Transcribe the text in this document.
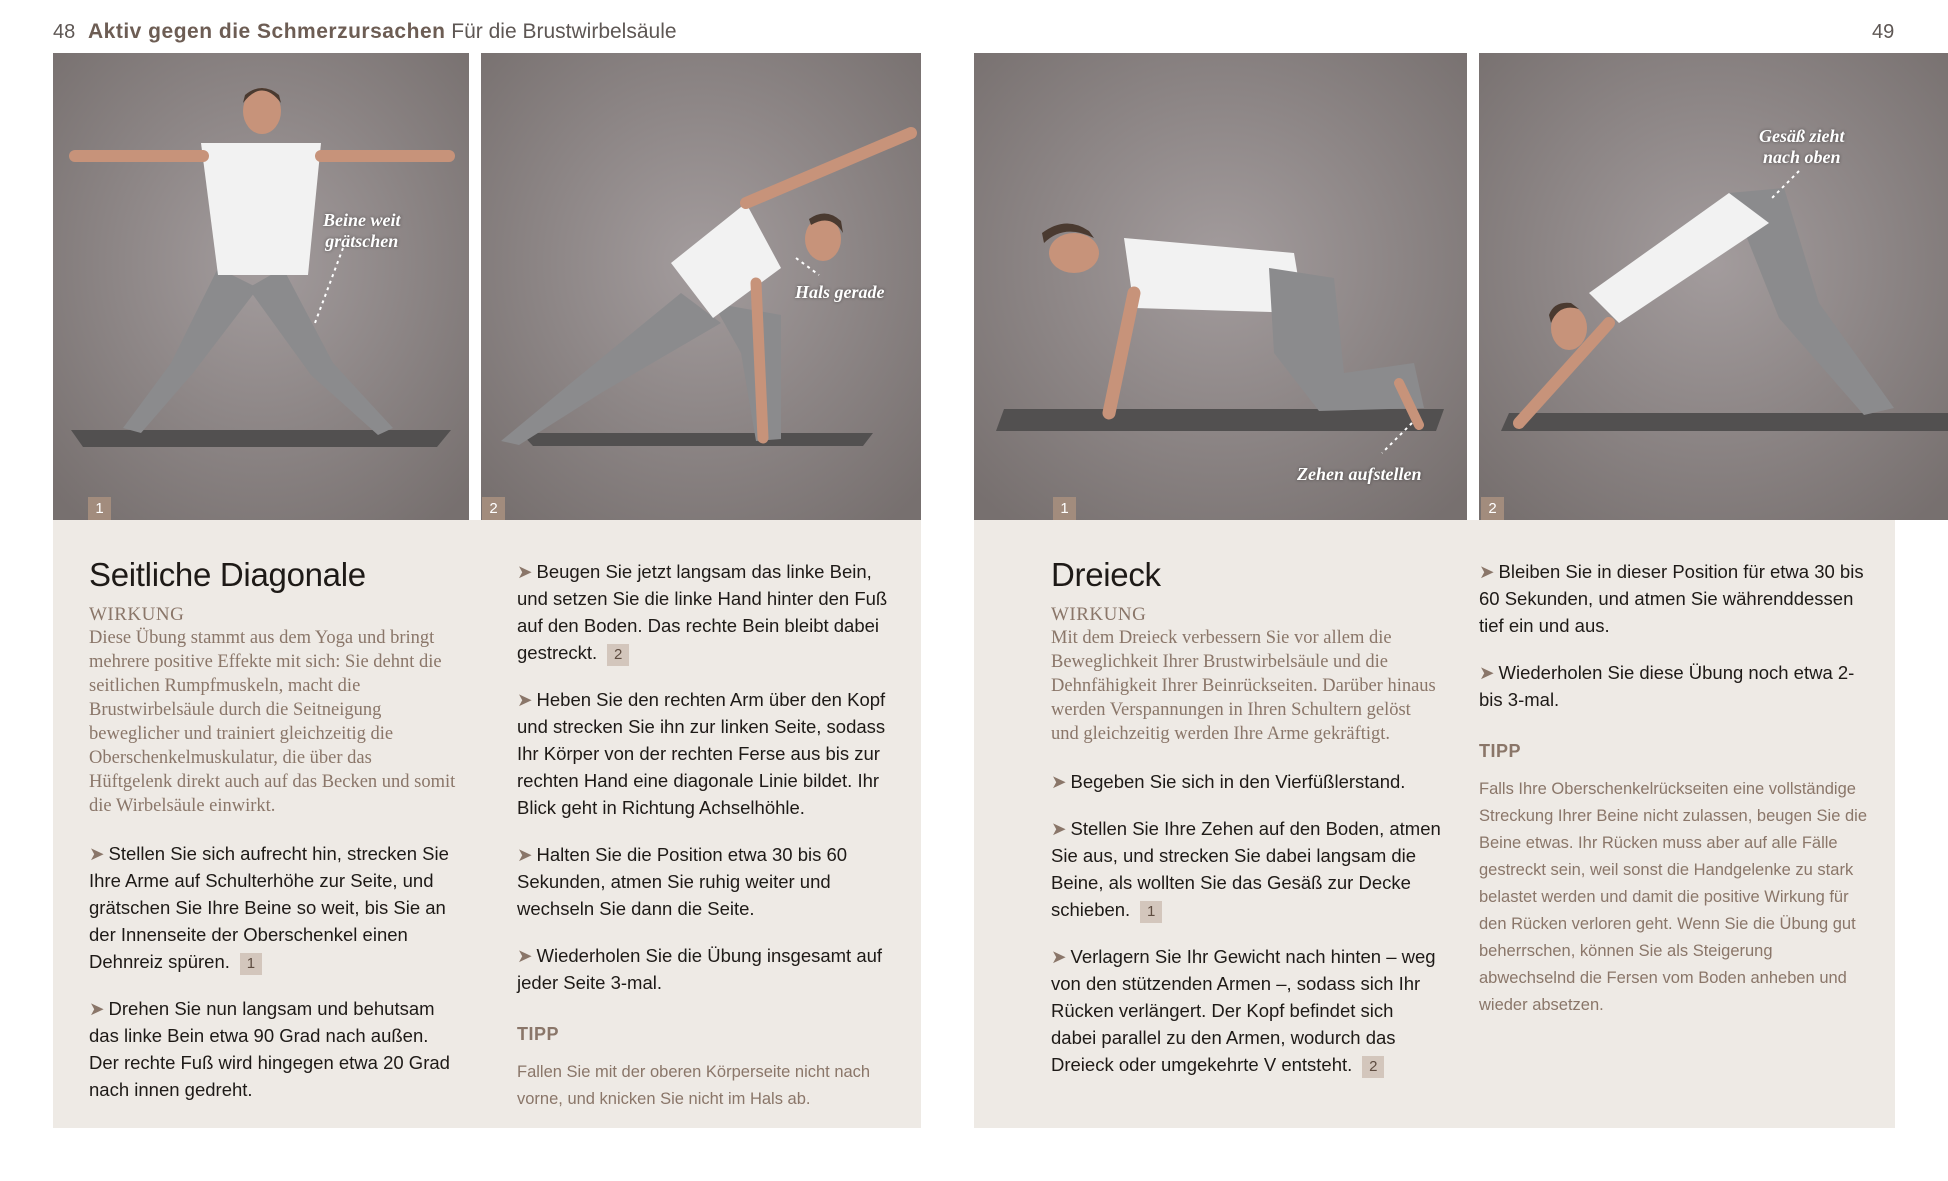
48 Aktiv gegen die Schmerzursachen Für die Brustwirbelsäule	49
Beine weit
grätschen
1
Hals gerade
2
Zehen aufstellen
1
Gesäß zieht
nach oben
2
Seitliche Diagonale
WIRKUNG
Diese Übung stammt aus dem Yoga und bringt mehrere positive Effekte mit sich: Sie dehnt die seitlichen Rumpfmuskeln, macht die Brustwirbelsäule durch die Seitneigung beweglicher und trainiert gleichzeitig die Oberschenkelmuskulatur, die über das Hüftgelenk direkt auch auf das Becken und somit die Wirbelsäule einwirkt.

➤ Stellen Sie sich aufrecht hin, strecken Sie Ihre Arme auf Schulterhöhe zur Seite, und grätschen Sie Ihre Beine so weit, bis Sie an der Innenseite der Oberschenkel einen Dehnreiz spüren. 1

➤ Drehen Sie nun langsam und behutsam das linke Bein etwa 90 Grad nach außen. Der rechte Fuß wird hingegen etwa 20 Grad nach innen gedreht.

➤ Beugen Sie jetzt langsam das linke Bein, und setzen Sie die linke Hand hinter den Fuß auf den Boden. Das rechte Bein bleibt dabei gestreckt. 2

➤ Heben Sie den rechten Arm über den Kopf und strecken Sie ihn zur linken Seite, sodass Ihr Körper von der rechten Ferse aus bis zur rechten Hand eine diagonale Linie bildet. Ihr Blick geht in Richtung Achselhöhle.

➤ Halten Sie die Position etwa 30 bis 60 Sekunden, atmen Sie ruhig weiter und wechseln Sie dann die Seite.

➤ Wiederholen Sie die Übung insgesamt auf jeder Seite 3-mal.

TIPP
Fallen Sie mit der oberen Körperseite nicht nach vorne, und knicken Sie nicht im Hals ab.
Dreieck
WIRKUNG
Mit dem Dreieck verbessern Sie vor allem die Beweglichkeit Ihrer Brustwirbelsäule und die Dehnfähigkeit Ihrer Beinrückseiten. Darüber hinaus werden Verspannungen in Ihren Schultern gelöst und gleichzeitig werden Ihre Arme gekräftigt.

➤ Begeben Sie sich in den Vierfüßlerstand.

➤ Stellen Sie Ihre Zehen auf den Boden, atmen Sie aus, und strecken Sie dabei langsam die Beine, als wollten Sie das Gesäß zur Decke schieben. 1

➤ Verlagern Sie Ihr Gewicht nach hinten – weg von den stützenden Armen –, sodass sich Ihr Rücken verlängert. Der Kopf befindet sich dabei parallel zu den Armen, wodurch das Dreieck oder umgekehrte V entsteht. 2

➤ Bleiben Sie in dieser Position für etwa 30 bis 60 Sekunden, und atmen Sie währenddessen tief ein und aus.

➤ Wiederholen Sie diese Übung noch etwa 2- bis 3-mal.

TIPP
Falls Ihre Oberschenkelrückseiten eine vollständige Streckung Ihrer Beine nicht zulassen, beugen Sie die Beine etwas. Ihr Rücken muss aber auf alle Fälle gestreckt sein, weil sonst die Handgelenke zu stark belastet werden und damit die positive Wirkung für den Rücken verloren geht. Wenn Sie die Übung gut beherrschen, können Sie als Steigerung abwechselnd die Fersen vom Boden anheben und wieder absetzen.
